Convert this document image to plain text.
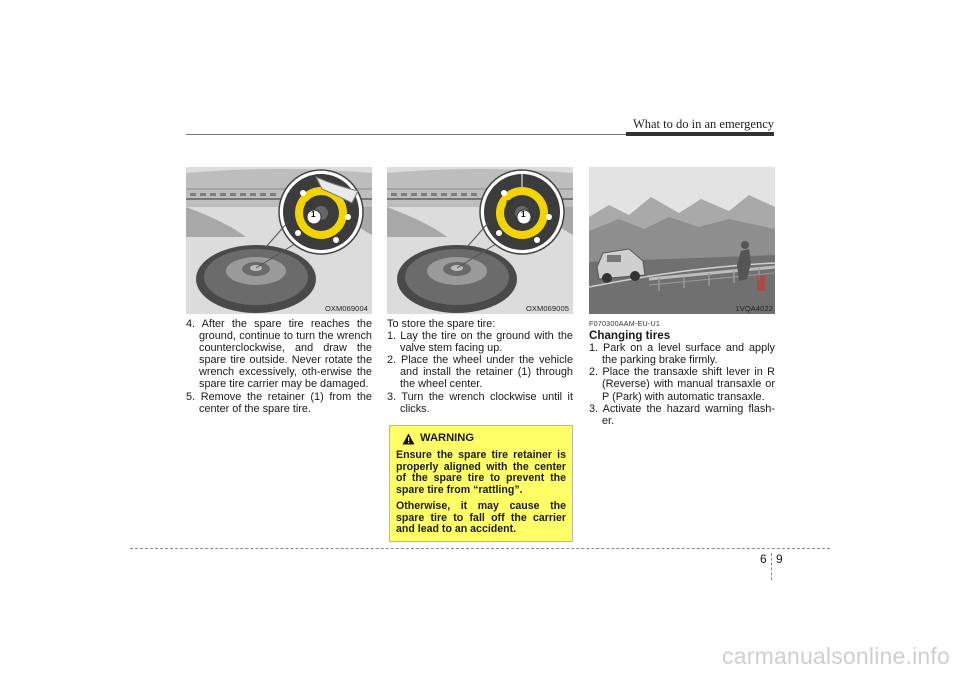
What to do in an emergency
80
1
OXM069004
80
1
OXM069005	1VQA4022

4. After the spare tire reaches the ground, continue to turn the wrench counterclockwise, and draw the spare tire outside. Never rotate the wrench excessively, oth-erwise the spare tire carrier may be damaged.

5. Remove the retainer (1) from the center of the spare tire.

To store the spare tire:

1. Lay the tire on the ground with the valve stem facing up.

2. Place the wheel under the vehicle and install the retainer (1) through the wheel center.

3. Turn the wrench clockwise until it clicks.

WARNING

Ensure the spare tire retainer is properly aligned with the center of the spare tire to prevent the spare tire from “rattling”.

Otherwise, it may cause the spare tire to fall off the carrier and lead to an accident.

F070300AAM-EU-U1

Changing tires

1. Park on a level surface and apply the parking brake firmly.

2. Place the transaxle shift lever in R (Reverse) with manual transaxle or P (Park) with automatic transaxle.

3. Activate the hazard warning flash-er.

6 9
carmanualsonline.info
